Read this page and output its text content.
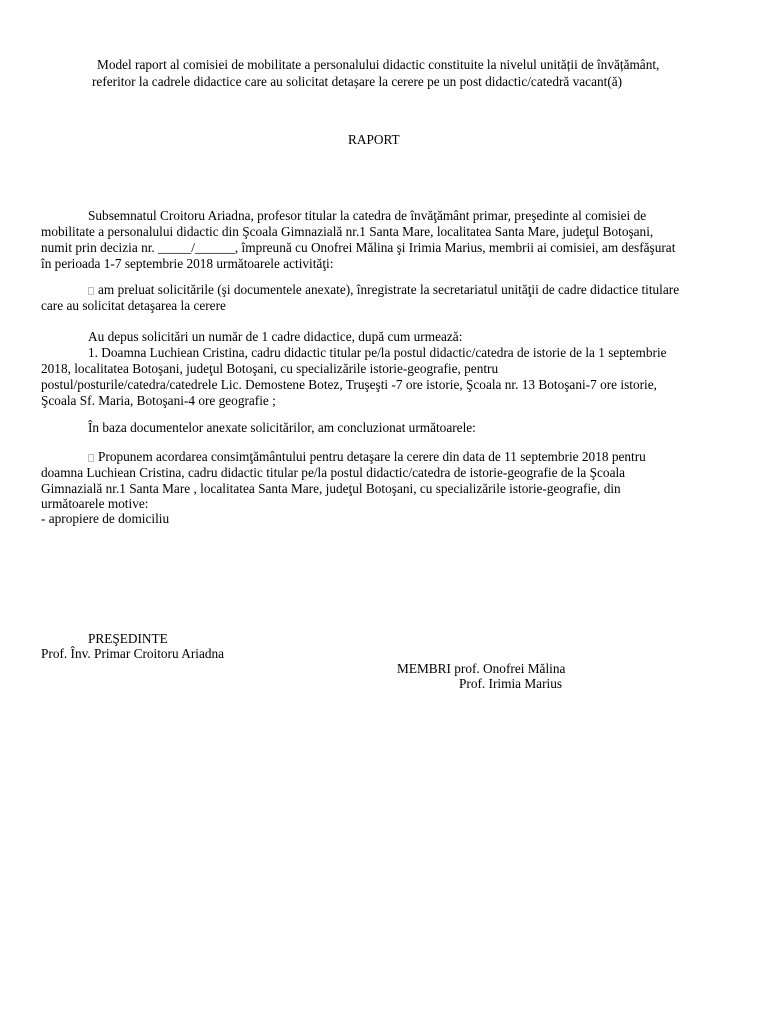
Model raport al comisiei de mobilitate a personalului didactic constituite la nivelul unității de învățământ,
referitor la cadrele didactice care au solicitat detașare la cerere pe un post didactic/catedră vacant(ă)
RAPORT
Subsemnatul Croitoru Ariadna, profesor titular la catedra de învăţământ primar, preşedinte al comisiei de
mobilitate a personalului didactic din Şcoala Gimnazială nr.1 Santa Mare, localitatea Santa Mare, judeţul Botoşani,
numit prin decizia nr. _____/______, împreună cu Onofrei Mălina şi Irimia Marius, membrii ai comisiei, am desfăşurat
în perioada 1-7 septembrie 2018 următoarele activităţi:
am preluat solicitările (şi documentele anexate), înregistrate la secretariatul unităţii de cadre didactice titulare
care au solicitat detaşarea la cerere
Au depus solicitări un număr de 1 cadre didactice, după cum urmează:
1. Doamna Luchiean Cristina, cadru didactic titular pe/la postul didactic/catedra de istorie de la 1 septembrie
2018, localitatea Botoşani, judeţul Botoşani, cu specializările istorie-geografie, pentru
postul/posturile/catedra/catedrele Lic. Demostene Botez, Truşeşti -7 ore istorie, Şcoala nr. 13 Botoşani-7 ore istorie,
Şcoala Sf. Maria, Botoşani-4 ore geografie ;
În baza documentelor anexate solicitărilor, am concluzionat următoarele:
Propunem acordarea consimţământului pentru detaşare la cerere din data de 11 septembrie 2018 pentru
doamna Luchiean Cristina, cadru didactic titular pe/la postul didactic/catedra de istorie-geografie de la Şcoala
Gimnazială nr.1 Santa Mare , localitatea Santa Mare, judeţul Botoşani, cu specializările istorie-geografie, din
următoarele motive:
- apropiere de domiciliu
PREŞEDINTE
Prof. Înv. Primar Croitoru Ariadna
MEMBRI prof. Onofrei Mălina
Prof. Irimia Marius
